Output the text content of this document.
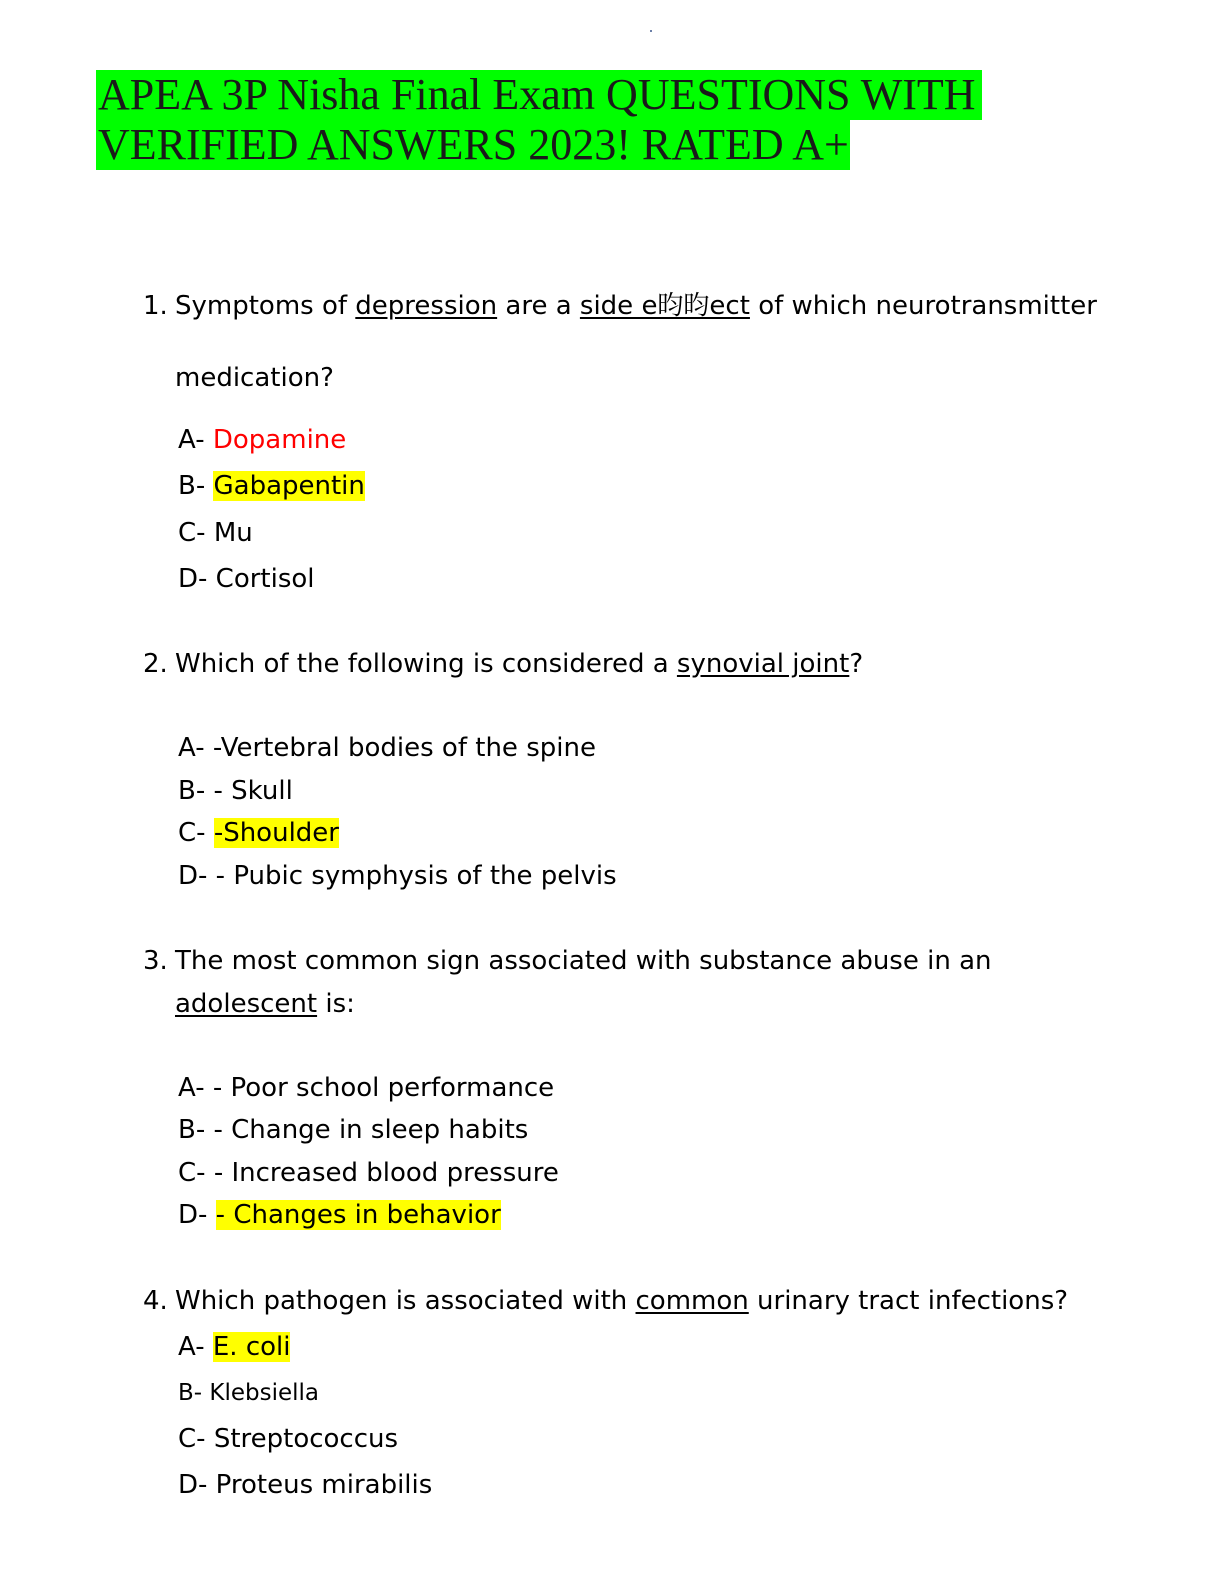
APEA 3P Nisha Final Exam QUESTIONS WITH
VERIFIED ANSWERS 2023! RATED A+
1. Symptoms of depression are a side e昀昀ect of which neurotransmitter
medication?
A- Dopamine
B- Gabapentin
C- Mu
D- Cortisol
2. Which of the following is considered a synovial joint?
A- -Vertebral bodies of the spine
B- - Skull
C- -Shoulder
D- - Pubic symphysis of the pelvis
3. The most common sign associated with substance abuse in an
adolescent is:
A- - Poor school performance
B- - Change in sleep habits
C- - Increased blood pressure
D- - Changes in behavior
4. Which pathogen is associated with common urinary tract infections?
A- E. coli
B- Klebsiella
C- Streptococcus
D- Proteus mirabilis
